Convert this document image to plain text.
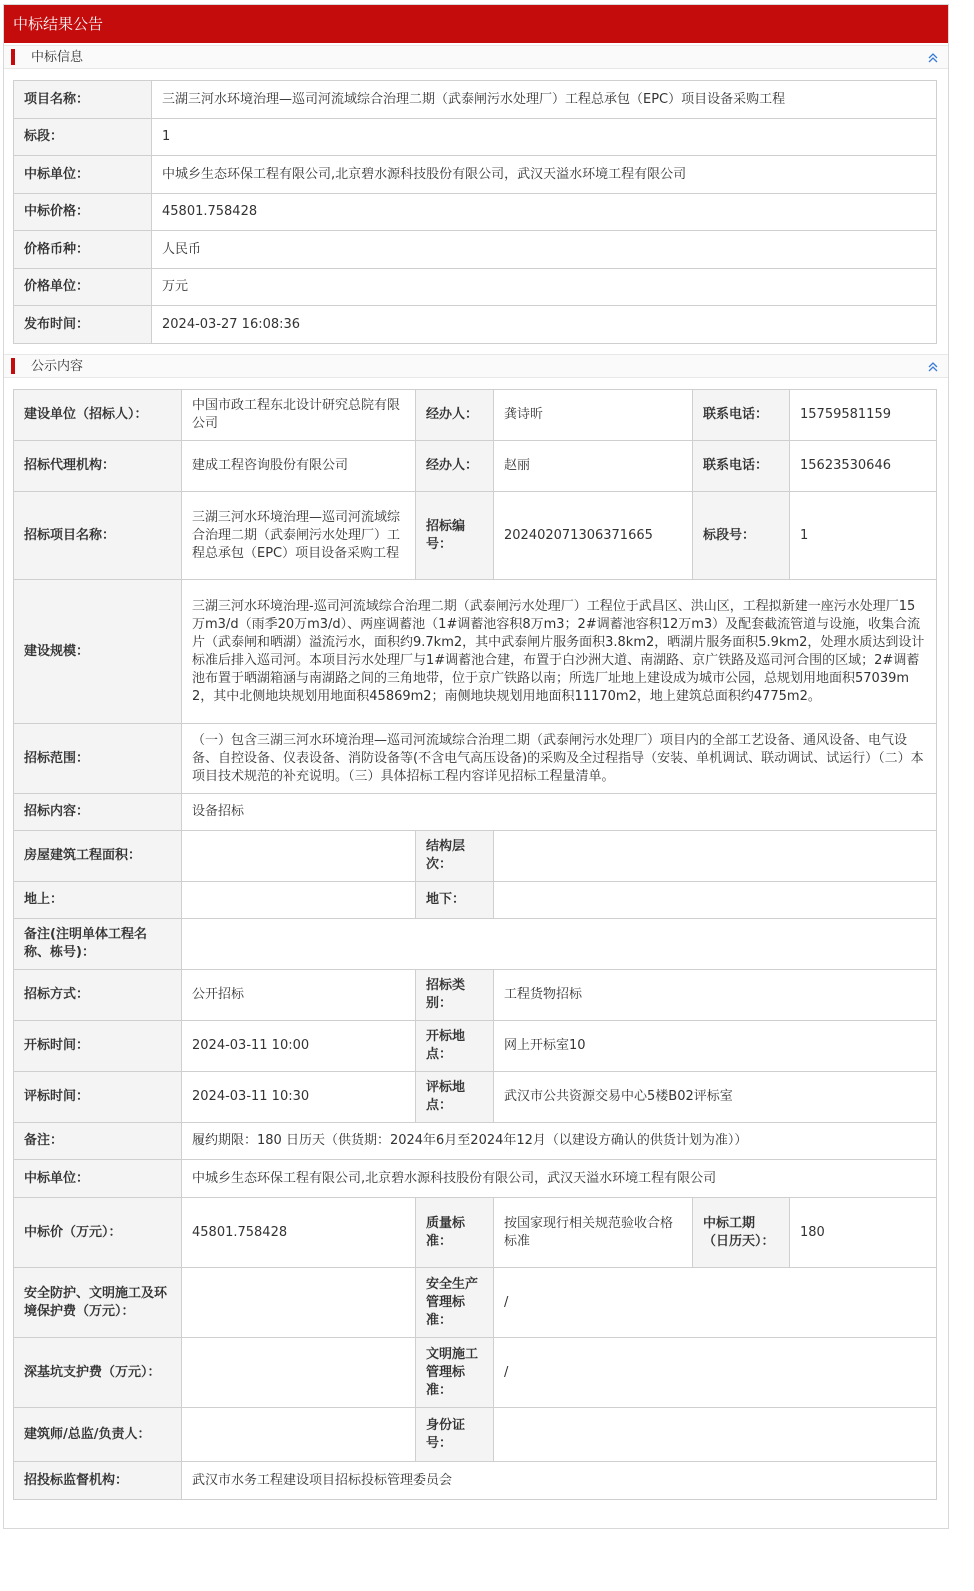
中标结果公告
中标信息
项目名称：	三湖三河水环境治理—巡司河流域综合治理二期（武泰闸污水处理厂）工程总承包（EPC）项目设备采购工程
标段：	1
中标单位：	中城乡生态环保工程有限公司,北京碧水源科技股份有限公司，武汉天溢水环境工程有限公司
中标价格：	45801.758428
价格币种：	人民币
价格单位：	万元
发布时间：	2024-03-27 16:08:36
公示内容
建设单位（招标人）：	中国市政工程东北设计研究总院有限公司	经办人：	龚诗昕	联系电话：	15759581159
招标代理机构：	建成工程咨询股份有限公司	经办人：	赵丽	联系电话：	15623530646
招标项目名称：	三湖三河水环境治理—巡司河流域综合治理二期（武泰闸污水处理厂）工程总承包（EPC）项目设备采购工程	招标编号：	20240207130637166​5	标段号：	1
建设规模：	三湖三河水环境治理-巡司河流域综合治理二期（武泰闸污水处理厂）工程位于武昌区、洪山区，工程拟新建一座污水处理厂15万m3/d（雨季20万m3/d）、两座调蓄池（1#调蓄池容积8万m3；2#调蓄池容积12万m3）及配套截流管道与设施，收集合流片（武泰闸和晒湖）溢流污水，面积约9.7km2，其中武泰闸片服务面积3.8km2，晒湖片服务面积5.9km2，处理水质达到设计标准后排入巡司河。本项目污水处理厂与1#调蓄池合建，布置于白沙洲大道、南湖路、京广铁路及巡司河合围的区域；2#调蓄池布置于晒湖箱涵与南湖路之间的三角地带，位于京广铁路以南；所选厂址地上建设成为城市公园，总规划用地面积57039m2，其中北侧地块规划用地面积45869m2；南侧地块规划用地面积11170m2，地上建筑总面积约4775m2。				
招标范围：	（一）包含三湖三河水环境治理—巡司河流域综合治理二期（武泰闸污水处理厂）项目内的全部工艺设备、通风设备、电气设备、自控设备、仪表设备、消防设备等(不含电气高压设备)的采购及全过程指导（安装、单机调试、联动调试、试运行）（二）本项目技术规范的补充说明。（三）具体招标工程内容详见招标工程量清单。				
招标内容：	设备招标				
房屋建筑工程面积：		结构层次：			
地上：		地下：			
备注(注明单体工程名称、栋号)：					
招标方式：	公开招标	招标类别：	工程货物招标		
开标时间：	2024-03-11 10:00	开标地点：	网上开标室10		
评标时间：	2024-03-11 10:30	评标地点：	武汉市公共资源交易中心5楼B02评标室		
备注：	履约期限：180 日历天（供货期：2024年6月至2024年12月（以建设方确认的供货计划为准））				
中标单位：	中城乡生态环保工程有限公司,北京碧水源科技股份有限公司，武汉天溢水环境工程有限公司				
中标价（万元）：	45801.758428	质量标准：	按国家现行相关规范验收合格标准	中标工期（日历天）：	180
安全防护、文明施工及环境保护费（万元）：		安全生产管理标准：	/		
深基坑支护费（万元）：		文明施工管理标准：	/		
建筑师/总监/负责人：		身份证号：			
招投标监督机构：	武汉市水务工程建设项目招标投标管理委员会				
